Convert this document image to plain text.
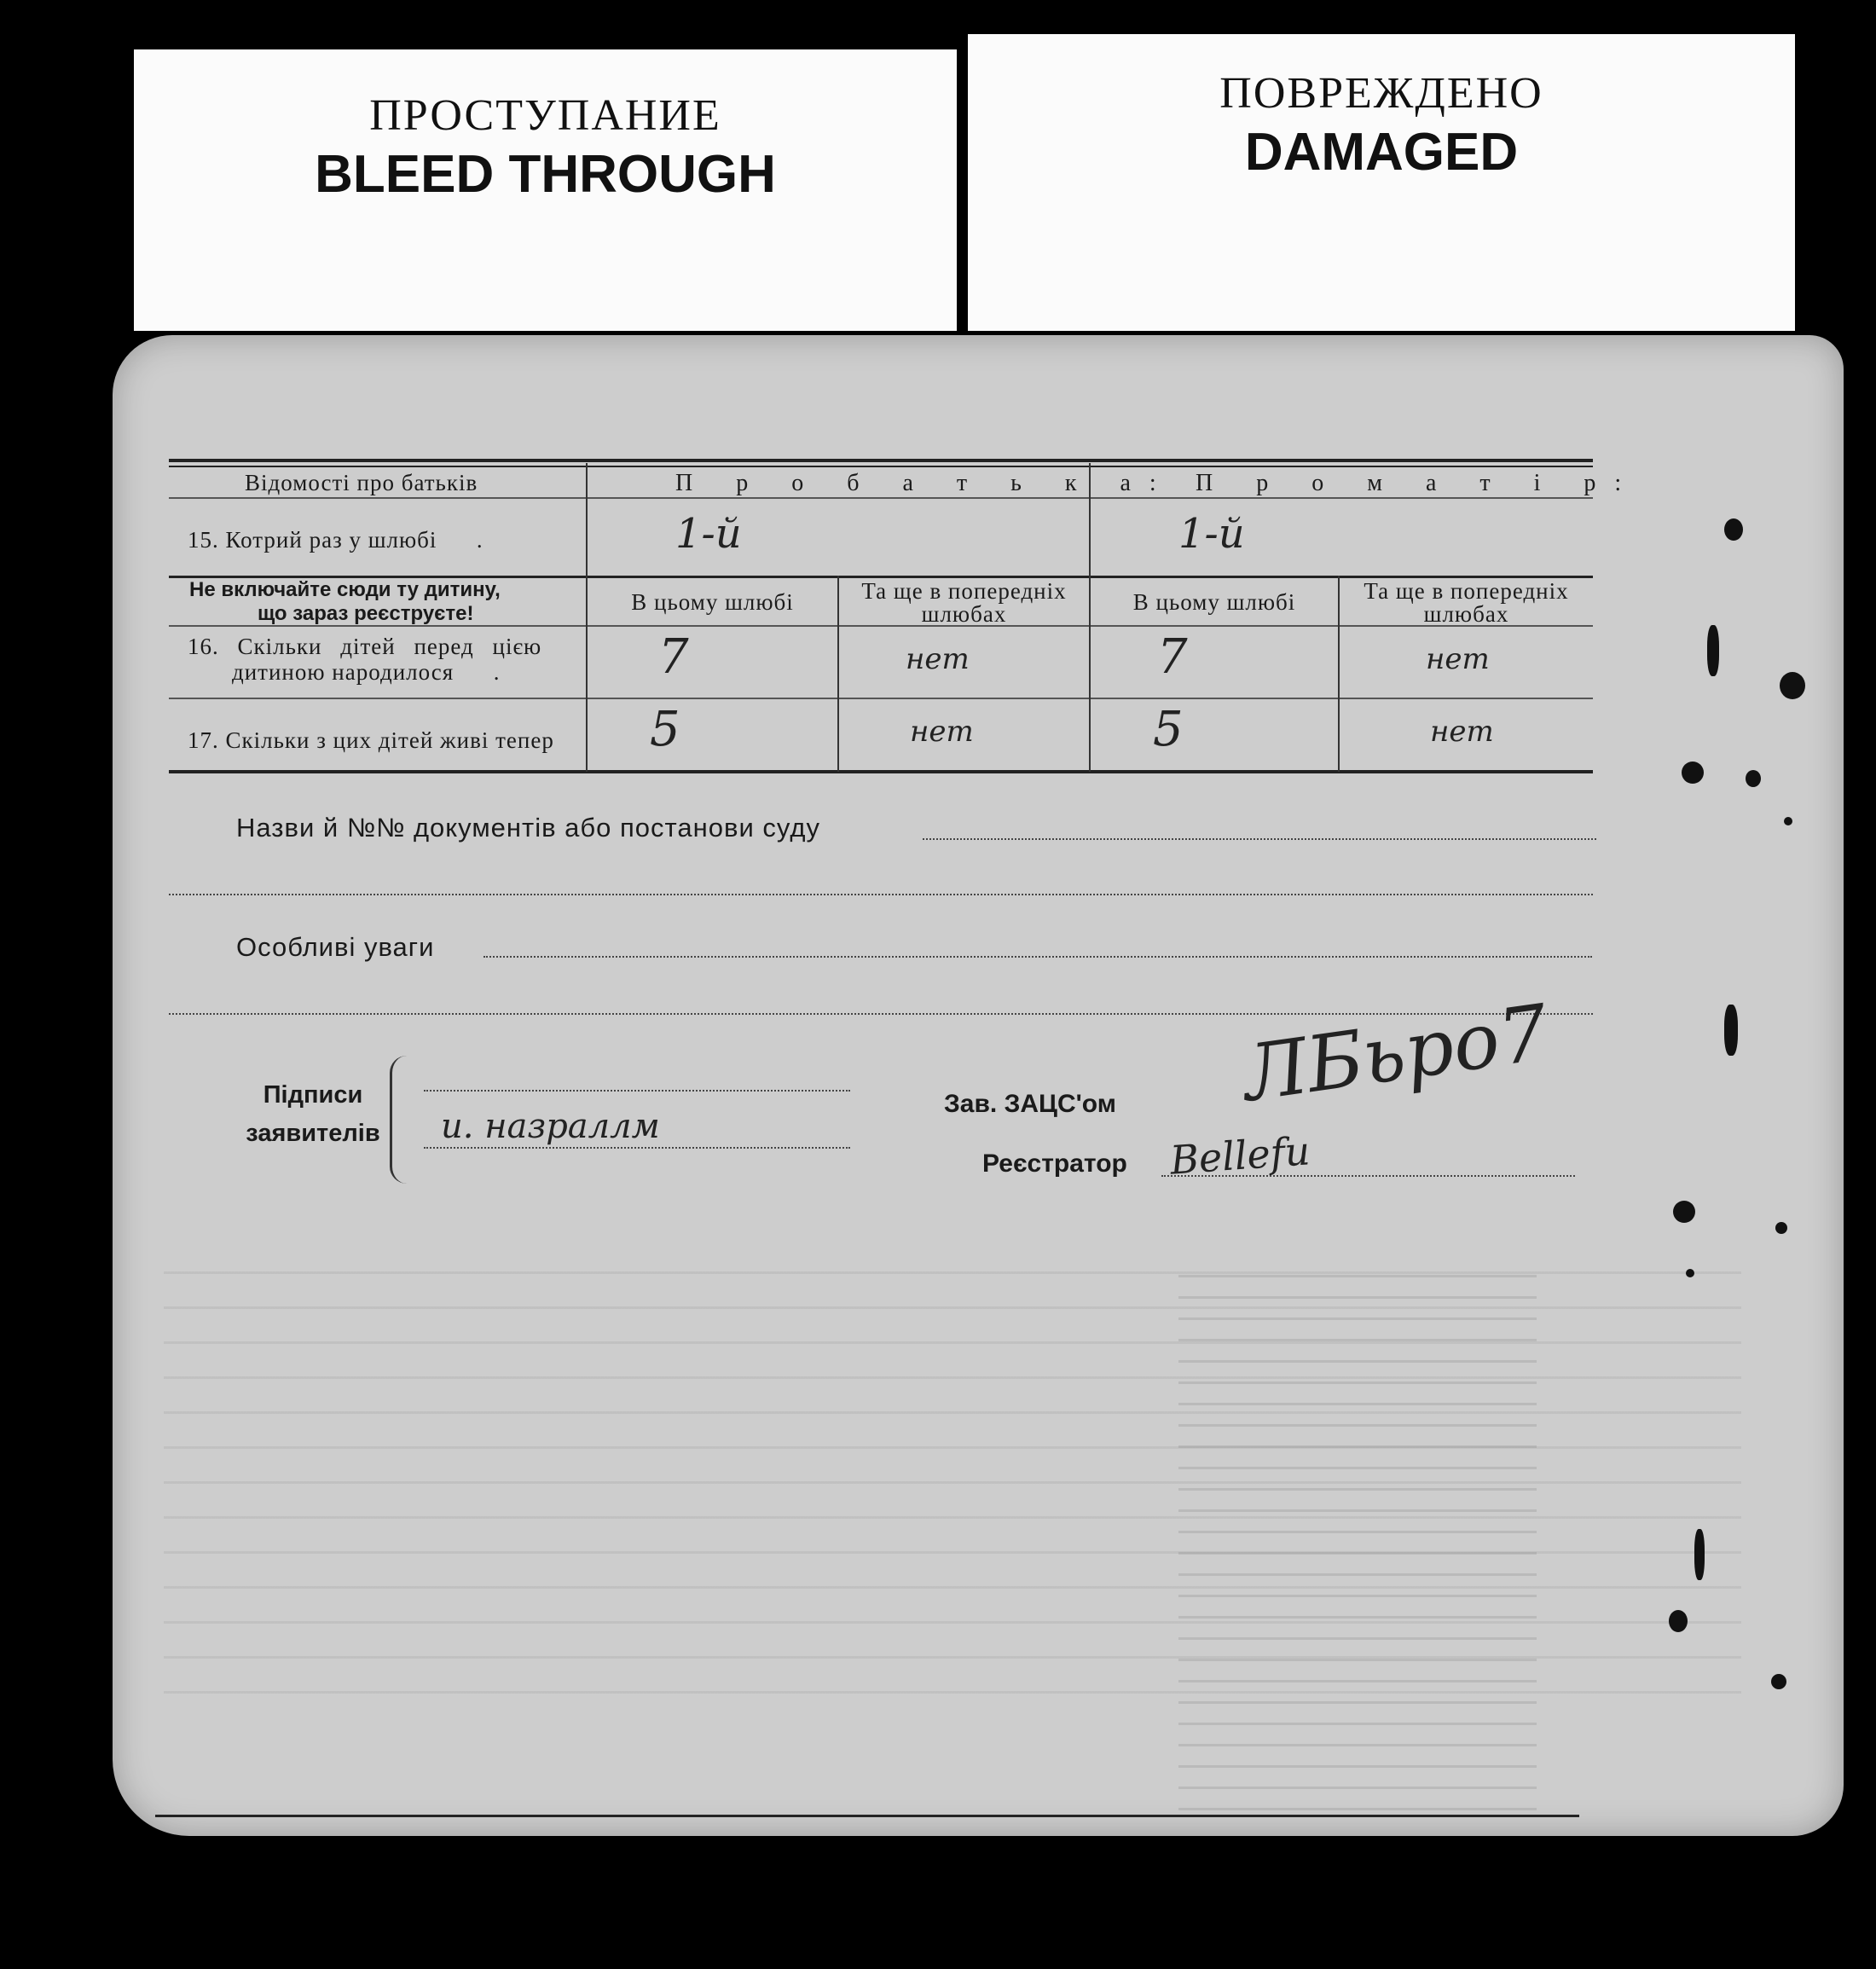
ПРОСТУПАНИЕ
BLEED THROUGH
ПОВРЕЖДЕНО
DAMAGED
Відомості про батьків	П р о б а т ь к а: П р о м а т і р:
15. Котрий раз у шлюбі      .	1-й	1-й
Не включайте сюди ту дитину,
що зараз реєструєте!	В цьому шлюбі	Та ще в попередніх
шлюбах	В цьому шлюбі	Та ще в попередніх
шлюбах
16. Скільки дітей перед цією
дитиною народилося      .	7	нет	7	нет
17. Скільки з цих дітей живі тепер 5	нет	5	нет
Назви й №№ документів або постанови суду
Особливі уваги
Підписи
заявителів	и. назраллм
Зав. ЗАЦС'ом ЛБьрo7
Реєстратор Bellefu
